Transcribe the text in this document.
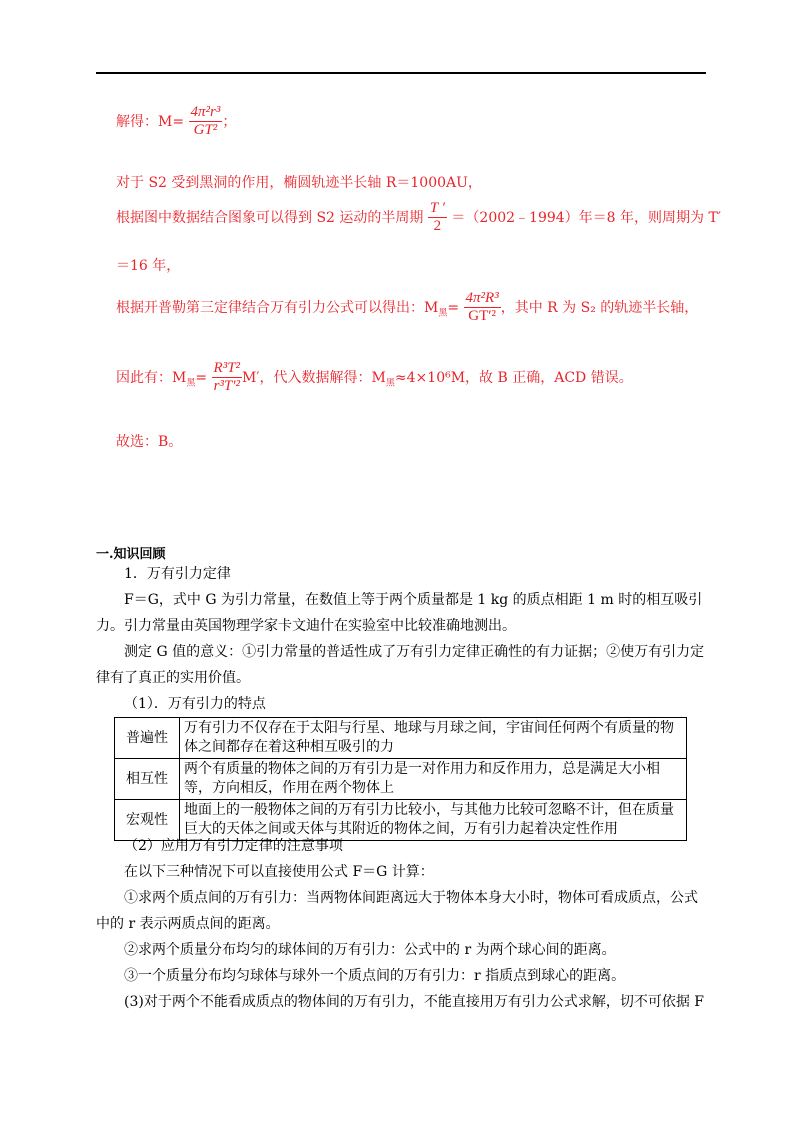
解得：$M= \frac{\text{4π²r³}}{\text{GT²}}$ ；
对于 S2 受到黑洞的作用，椭圆轨迹半长轴 R＝1000AU，
根据图中数据结合图象可以得到 S2 运动的半周期 $\frac{T '}{2}$ ＝（2002﹣1994）年＝8 年，则周期为 T′
＝16 年，
根据开普勒第三定律结合万有引力公式可以得出：$M_黑= \frac{\text{4π²R³}}{\text{GT′²}}$ ，其中 R 为 S₂ 的轨迹半长轴，
因此有：$M_黑= \frac{\text{R³T²}}{\text{r³T′²}} M'$，代入数据解得：$M_黑\approx 4\times 10^6M$，故 B 正确，ACD 错误。
故选：B。
一.知识回顾
1．万有引力定律
F＝G，式中 G 为引力常量，在数值上等于两个质量都是 1 kg 的质点相距 1 m 时的相互吸引力。引力常量由英国物理学家卡文迪什在实验室中比较准确地测出。
测定 G 值的意义：①引力常量的普适性成了万有引力定律正确性的有力证据；②使万有引力定律有了真正的实用价值。
（1）．万有引力的特点
普遍性	万有引力不仅存在于太阳与行星、地球与月球之间，宇宙间任何两个有质量的物体之间都存在着这种相互吸引的力
相互性	两个有质量的物体之间的万有引力是一对作用力和反作用力，总是满足大小相等，方向相反，作用在两个物体上
宏观性	地面上的一般物体之间的万有引力比较小，与其他力比较可忽略不计，但在质量巨大的天体之间或天体与其附近的物体之间，万有引力起着决定性作用
（2）应用万有引力定律的注意事项
在以下三种情况下可以直接使用公式 F＝G 计算：
①求两个质点间的万有引力：当两物体间距离远大于物体本身大小时，物体可看成质点，公式中的 r 表示两质点间的距离。
②求两个质量分布均匀的球体间的万有引力：公式中的 r 为两个球心间的距离。
③一个质量分布均匀球体与球外一个质点间的万有引力：r 指质点到球心的距离。
(3)对于两个不能看成质点的物体间的万有引力，不能直接用万有引力公式求解，切不可依据 F
